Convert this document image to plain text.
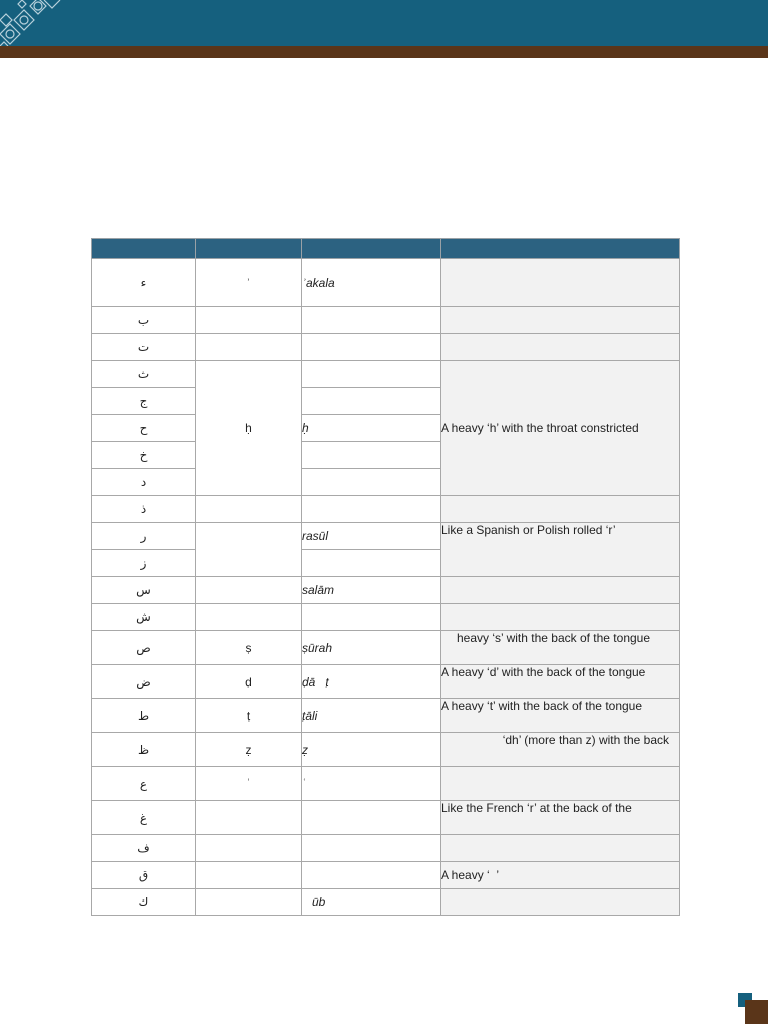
ء	ʾ	ʾakala	
ب			
ت			
ث	ḥ		A heavy ‘h’ with the throat constricted
ج			
ح		ḥ	
خ			
د			
ذ			
ر		rasūl	Like a Spanish or Polish rolled ‘r’
ز			
س		salām	
ش			
ص	ṣ	ṣūrah	heavy ‘s’ with the back of the tongue
ض	ḍ	ḍā   ṭ	A heavy ‘d’ with the back of the tongue
ط	ṭ	ṭāli	A heavy ‘t’ with the back of the tongue
ظ	ẓ	ẓ	‘dh’ (more than z) with the back
ع	ʿ	ʿ	
غ			Like the French ‘r’ at the back of the
ف			
ق			A heavy ‘  ’
ك		ūb	
